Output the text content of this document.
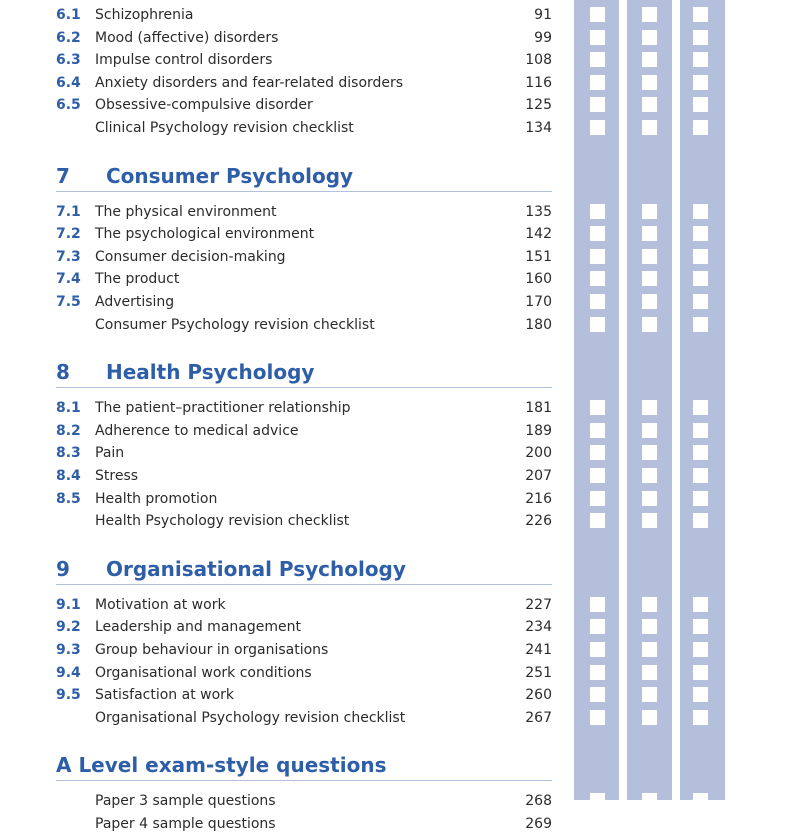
6.1 Schizophrenia	91
6.2 Mood (affective) disorders	99
6.3 Impulse control disorders	108
6.4 Anxiety disorders and fear-related disorders	116
6.5 Obsessive-compulsive disorder	125
Clinical Psychology revision checklist	134
7 Consumer Psychology
7.1 The physical environment	135
7.2 The psychological environment	142
7.3 Consumer decision-making	151
7.4 The product	160
7.5 Advertising	170
Consumer Psychology revision checklist	180
8 Health Psychology
8.1 The patient–practitioner relationship	181
8.2 Adherence to medical advice	189
8.3 Pain	200
8.4 Stress	207
8.5 Health promotion	216
Health Psychology revision checklist	226
9 Organisational Psychology
9.1 Motivation at work	227
9.2 Leadership and management	234
9.3 Group behaviour in organisations	241
9.4 Organisational work conditions	251
9.5 Satisfaction at work	260
Organisational Psychology revision checklist	267
A Level exam-style questions
Paper 3 sample questions	268
Paper 4 sample questions	269
